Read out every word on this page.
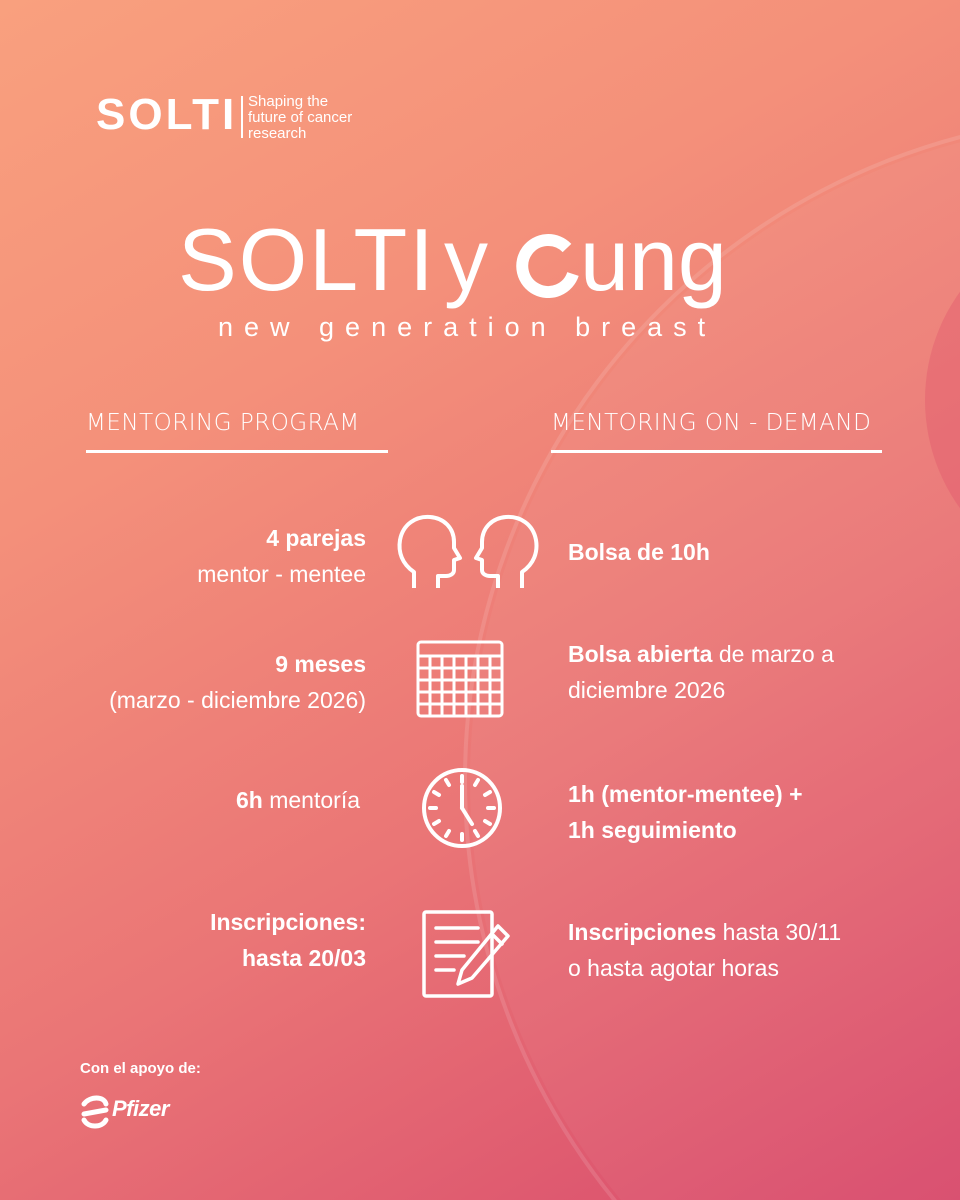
SOLTI Shaping the
future of cancer
research
SOLTI y ung
new generation breast
MENTORING PROGRAM	MENTORING ON - DEMAND
4 parejas
mentor - mentee
Bolsa de 10h
9 meses
(marzo - diciembre 2026)
Bolsa abierta de marzo a
diciembre 2026
6h mentoría	1h (mentor-mentee) +
1h seguimiento
Inscripciones:
hasta 20/03
Inscripciones hasta 30/11
o hasta agotar horas
Con el apoyo de:
Pfizer
